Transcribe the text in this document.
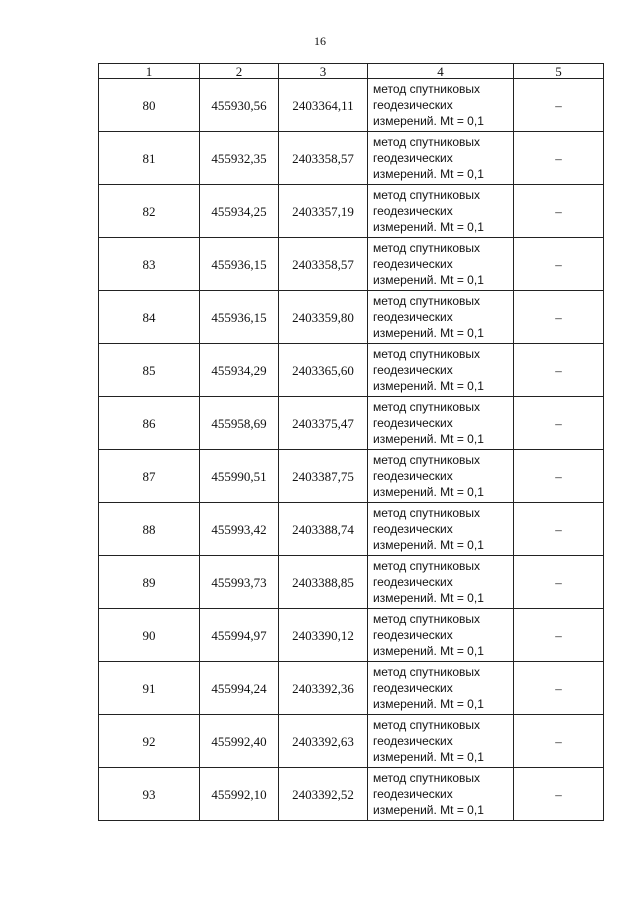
16
1	2	3	4	5
80	455930,56	2403364,11	метод спутниковых
геодезических
измерений. Mt = 0,1	–
81	455932,35	2403358,57	метод спутниковых
геодезических
измерений. Mt = 0,1	–
82	455934,25	2403357,19	метод спутниковых
геодезических
измерений. Mt = 0,1	–
83	455936,15	2403358,57	метод спутниковых
геодезических
измерений. Mt = 0,1	–
84	455936,15	2403359,80	метод спутниковых
геодезических
измерений. Mt = 0,1	–
85	455934,29	2403365,60	метод спутниковых
геодезических
измерений. Mt = 0,1	–
86	455958,69	2403375,47	метод спутниковых
геодезических
измерений. Mt = 0,1	–
87	455990,51	2403387,75	метод спутниковых
геодезических
измерений. Mt = 0,1	–
88	455993,42	2403388,74	метод спутниковых
геодезических
измерений. Mt = 0,1	–
89	455993,73	2403388,85	метод спутниковых
геодезических
измерений. Mt = 0,1	–
90	455994,97	2403390,12	метод спутниковых
геодезических
измерений. Mt = 0,1	–
91	455994,24	2403392,36	метод спутниковых
геодезических
измерений. Mt = 0,1	–
92	455992,40	2403392,63	метод спутниковых
геодезических
измерений. Mt = 0,1	–
93	455992,10	2403392,52	метод спутниковых
геодезических
измерений. Mt = 0,1	–
